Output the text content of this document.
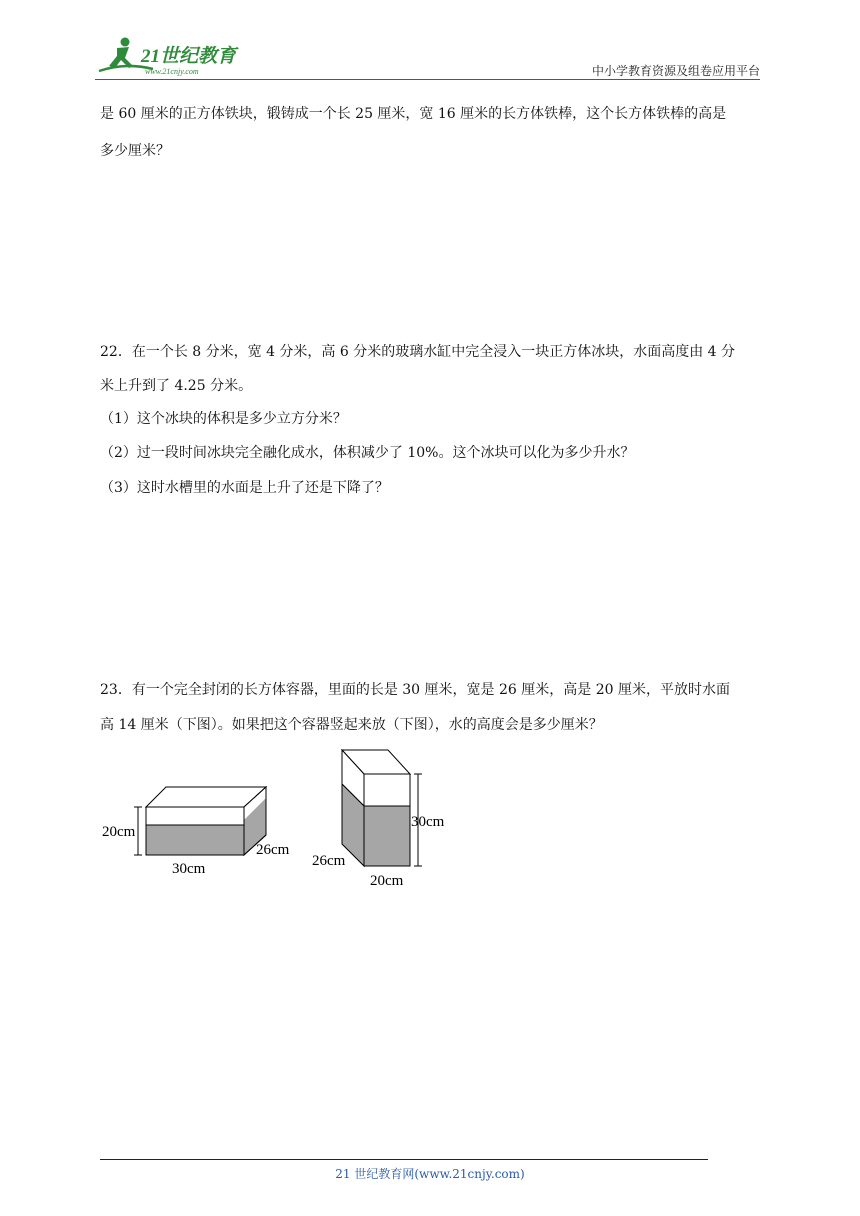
21世纪教育
www.21cnjy.com	中小学教育资源及组卷应用平台
是 60 厘米的正方体铁块，锻铸成一个长 25 厘米，宽 16 厘米的长方体铁棒，这个长方体铁棒的高是
多少厘米？
22．在一个长 8 分米，宽 4 分米，高 6 分米的玻璃水缸中完全浸入一块正方体冰块，水面高度由 4 分
米上升到了 4.25 分米。
（1）这个冰块的体积是多少立方分米？
（2）过一段时间冰块完全融化成水，体积减少了 10%。这个冰块可以化为多少升水？
（3）这时水槽里的水面是上升了还是下降了？
23．有一个完全封闭的长方体容器，里面的长是 30 厘米，宽是 26 厘米，高是 20 厘米，平放时水面
高 14 厘米（下图）。如果把这个容器竖起来放（下图），水的高度会是多少厘米？
20cm
30cm
26cm
30cm
26cm
20cm
21 世纪教育网(www.21cnjy.com)
